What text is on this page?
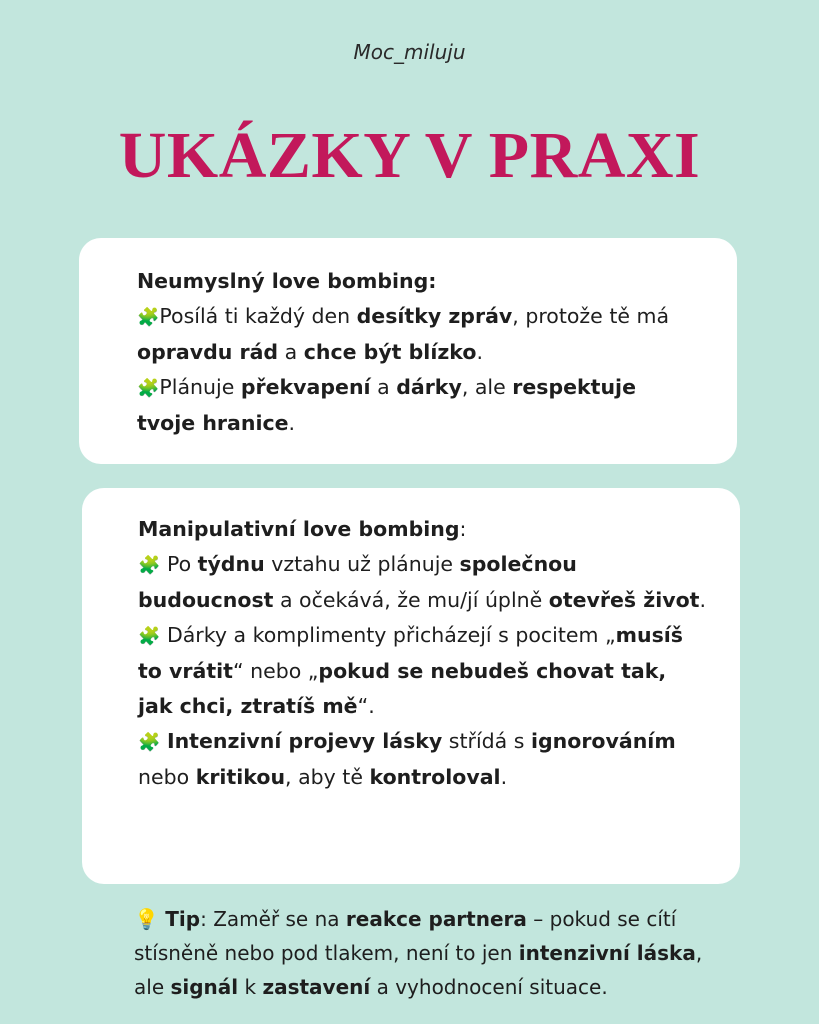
Moc_miluju
UKÁZKY V PRAXI

Neumyslný love bombing:

🧩Posílá ti každý den desítky zpráv, protože tě má opravdu rád a chce být blízko.

🧩Plánuje překvapení a dárky, ale respektuje tvoje hranice.

Manipulativní love bombing:

🧩 Po týdnu vztahu už plánuje společnou budoucnost a očekává, že mu/jí úplně otevřeš život.

🧩 Dárky a komplimenty přicházejí s pocitem „musíš to vrátit“ nebo „pokud se nebudeš chovat tak, jak chci, ztratíš mě“.

🧩 Intenzivní projevy lásky střídá s ignorováním nebo kritikou, aby tě kontroloval.

💡 Tip: Zaměř se na reakce partnera – pokud se cítí stísněně nebo pod tlakem, není to jen intenzivní láska, ale signál k zastavení a vyhodnocení situace.
